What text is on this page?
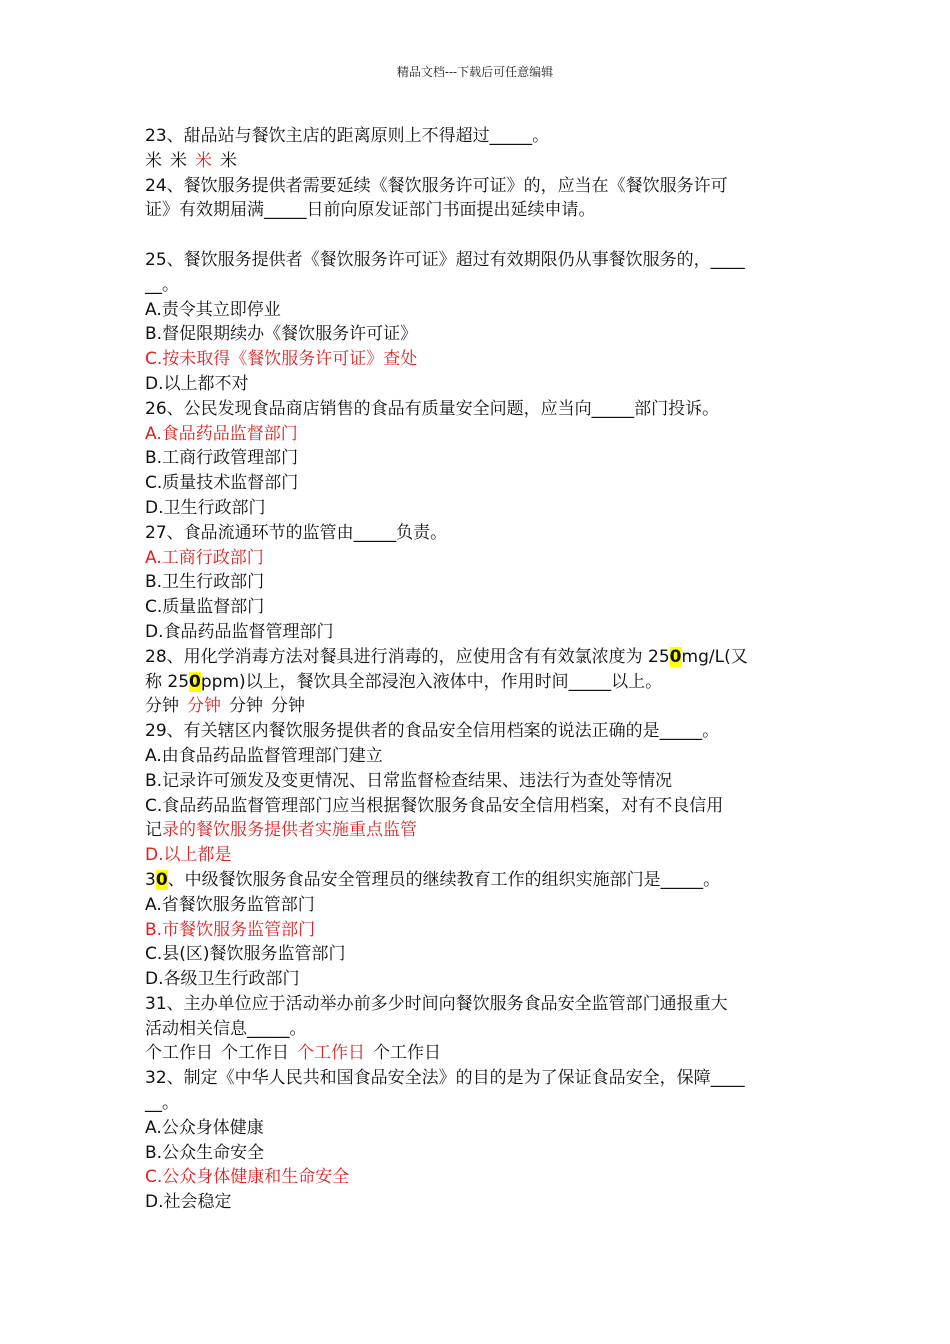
精品文档---下载后可任意编辑
23、甜品站与餐饮主店的距离原则上不得超过_____。
米 米 米 米
24、餐饮服务提供者需要延续《餐饮服务许可证》的，应当在《餐饮服务许可
证》有效期届满_____日前向原发证部门书面提出延续申请。
25、餐饮服务提供者《餐饮服务许可证》超过有效期限仍从事餐饮服务的，____
__。
A.责令其立即停业
B.督促限期续办《餐饮服务许可证》
C.按未取得《餐饮服务许可证》查处
D.以上都不对
26、公民发现食品商店销售的食品有质量安全问题，应当向_____部门投诉。
A.食品药品监督部门
B.工商行政管理部门
C.质量技术监督部门
D.卫生行政部门
27、食品流通环节的监管由_____负责。
A.工商行政部门
B.卫生行政部门
C.质量监督部门
D.食品药品监督管理部门
28、用化学消毒方法对餐具进行消毒的，应使用含有有效氯浓度为 250mg/L(又
称 250ppm)以上，餐饮具全部浸泡入液体中，作用时间_____以上。
分钟 分钟 分钟 分钟
29、有关辖区内餐饮服务提供者的食品安全信用档案的说法正确的是_____。
A.由食品药品监督管理部门建立
B.记录许可颁发及变更情况、日常监督检查结果、违法行为查处等情况
C.食品药品监督管理部门应当根据餐饮服务食品安全信用档案，对有不良信用
记录的餐饮服务提供者实施重点监管
D.以上都是
30、中级餐饮服务食品安全管理员的继续教育工作的组织实施部门是_____。
A.省餐饮服务监管部门
B.市餐饮服务监管部门
C.县(区)餐饮服务监管部门
D.各级卫生行政部门
31、主办单位应于活动举办前多少时间向餐饮服务食品安全监管部门通报重大
活动相关信息_____。
个工作日 个工作日 个工作日 个工作日
32、制定《中华人民共和国食品安全法》的目的是为了保证食品安全，保障____
__。
A.公众身体健康
B.公众生命安全
C.公众身体健康和生命安全
D.社会稳定
